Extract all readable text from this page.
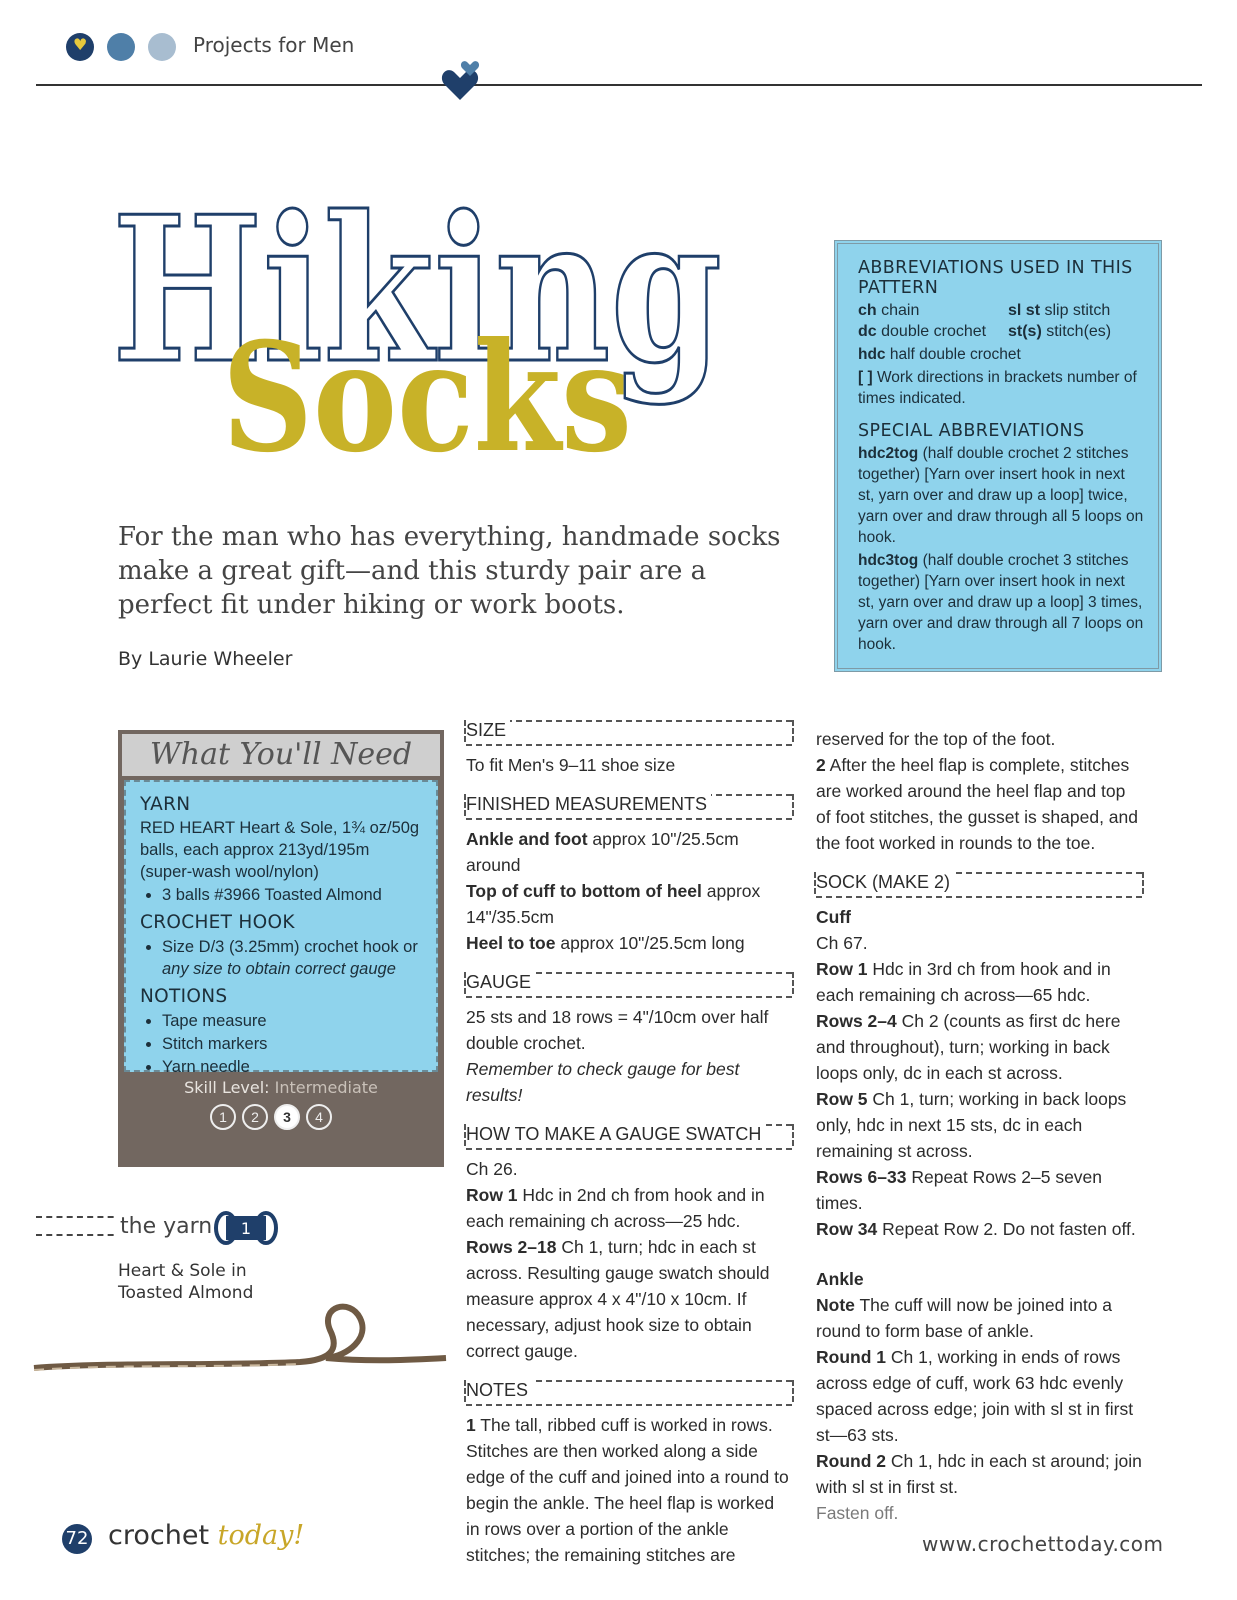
♥
Projects for Men
Hiking
Socks
For the man who has everything, handmade socks make a great gift—and this sturdy pair are a perfect fit under hiking or work boots.
By Laurie Wheeler
ABBREVIATIONS USED IN THIS PATTERN
ch chain	sl st slip stitch
dc double crochet	st(s) stitch(es)

hdc half double crochet

[ ] Work directions in brackets number of times indicated.

SPECIAL ABBREVIATIONS

hdc2tog (half double crochet 2 stitches together) [Yarn over insert hook in next st, yarn over and draw up a loop] twice, yarn over and draw through all 5 loops on hook.

hdc3tog (half double crochet 3 stitches together) [Yarn over insert hook in next st, yarn over and draw up a loop] 3 times, yarn over and draw through all 7 loops on hook.

What You'll Need
YARN
RED HEART Heart & Sole, 1¾ oz/50g balls, each approx 213yd/195m (super-wash wool/nylon)
• 3 balls #3966 Toasted Almond
CROCHET HOOK
• Size D/3 (3.25mm) crochet hook or any size to obtain correct gauge
NOTIONS
• Tape measure
• Stitch markers
• Yarn needle
Skill Level: Intermediate
1	2	3	4
the yarn 1
Heart & Sole in
Toasted Almond
SIZE

To fit Men's 9–11 shoe size

FINISHED MEASUREMENTS

Ankle and foot approx 10"/25.5cm around

Top of cuff to bottom of heel approx 14"/35.5cm

Heel to toe approx 10"/25.5cm long

GAUGE

25 sts and 18 rows = 4"/10cm over half double crochet.

Remember to check gauge for best results!

HOW TO MAKE A GAUGE SWATCH

Ch 26.

Row 1 Hdc in 2nd ch from hook and in each remaining ch across—25 hdc.

Rows 2–18 Ch 1, turn; hdc in each st across. Resulting gauge swatch should measure approx 4 x 4"/10 x 10cm. If necessary, adjust hook size to obtain correct gauge.

NOTES

1 The tall, ribbed cuff is worked in rows. Stitches are then worked along a side edge of the cuff and joined into a round to begin the ankle. The heel flap is worked in rows over a portion of the ankle stitches; the remaining stitches are

reserved for the top of the foot.

2 After the heel flap is complete, stitches are worked around the heel flap and top of foot stitches, the gusset is shaped, and the foot worked in rounds to the toe.

SOCK (MAKE 2)

Cuff

Ch 67.

Row 1 Hdc in 3rd ch from hook and in each remaining ch across—65 hdc.

Rows 2–4 Ch 2 (counts as first dc here and throughout), turn; working in back loops only, dc in each st across.

Row 5 Ch 1, turn; working in back loops only, hdc in next 15 sts, dc in each remaining st across.

Rows 6–33 Repeat Rows 2–5 seven times.

Row 34 Repeat Row 2. Do not fasten off.

Ankle

Note The cuff will now be joined into a round to form base of ankle.

Round 1 Ch 1, working in ends of rows across edge of cuff, work 63 hdc evenly spaced across edge; join with sl st in first st—63 sts.

Round 2 Ch 1, hdc in each st around; join with sl st in first st.

Fasten off.

72 crochet today!	www.crochettoday.com
